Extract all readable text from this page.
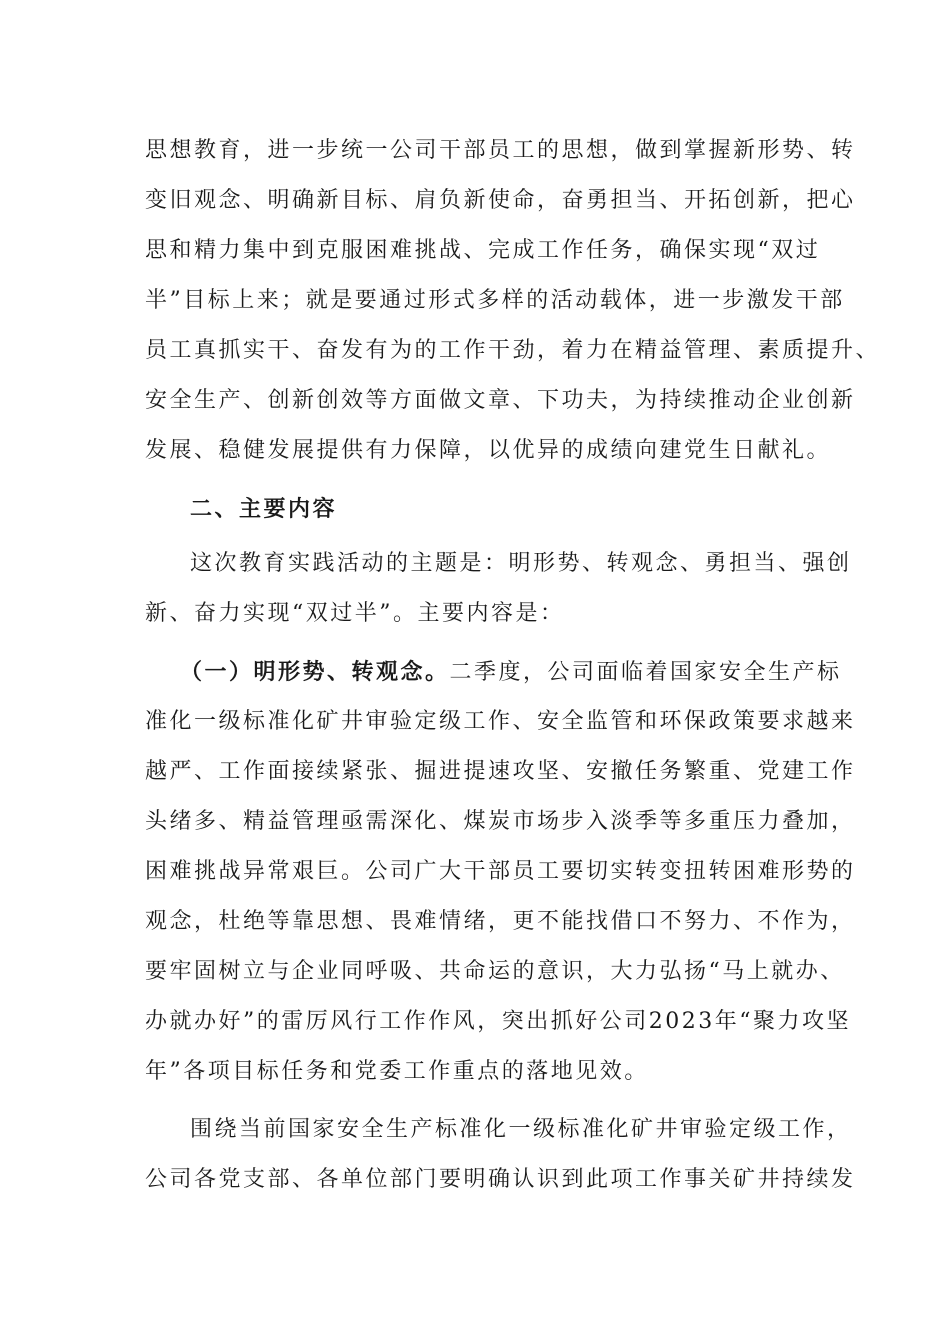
思想教育，进一步统一公司干部员工的思想，做到掌握新形势、转
变旧观念、明确新目标、肩负新使命，奋勇担当、开拓创新，把心
思和精力集中到克服困难挑战、完成工作任务，确保实现“双过
半”目标上来；就是要通过形式多样的活动载体，进一步激发干部
员工真抓实干、奋发有为的工作干劲，着力在精益管理、素质提升、
安全生产、创新创效等方面做文章、下功夫，为持续推动企业创新
发展、稳健发展提供有力保障，以优异的成绩向建党生日献礼。
二、主要内容
这次教育实践活动的主题是：明形势、转观念、勇担当、强创
新、奋力实现“双过半”。主要内容是：
（一）明形势、转观念。二季度，公司面临着国家安全生产标
准化一级标准化矿井审验定级工作、安全监管和环保政策要求越来
越严、工作面接续紧张、掘进提速攻坚、安撤任务繁重、党建工作
头绪多、精益管理亟需深化、煤炭市场步入淡季等多重压力叠加，
困难挑战异常艰巨。公司广大干部员工要切实转变扭转困难形势的
观念，杜绝等靠思想、畏难情绪，更不能找借口不努力、不作为，
要牢固树立与企业同呼吸、共命运的意识，大力弘扬“马上就办、
办就办好”的雷厉风行工作作风，突出抓好公司2023年“聚力攻坚
年”各项目标任务和党委工作重点的落地见效。
围绕当前国家安全生产标准化一级标准化矿井审验定级工作，
公司各党支部、各单位部门要明确认识到此项工作事关矿井持续发
